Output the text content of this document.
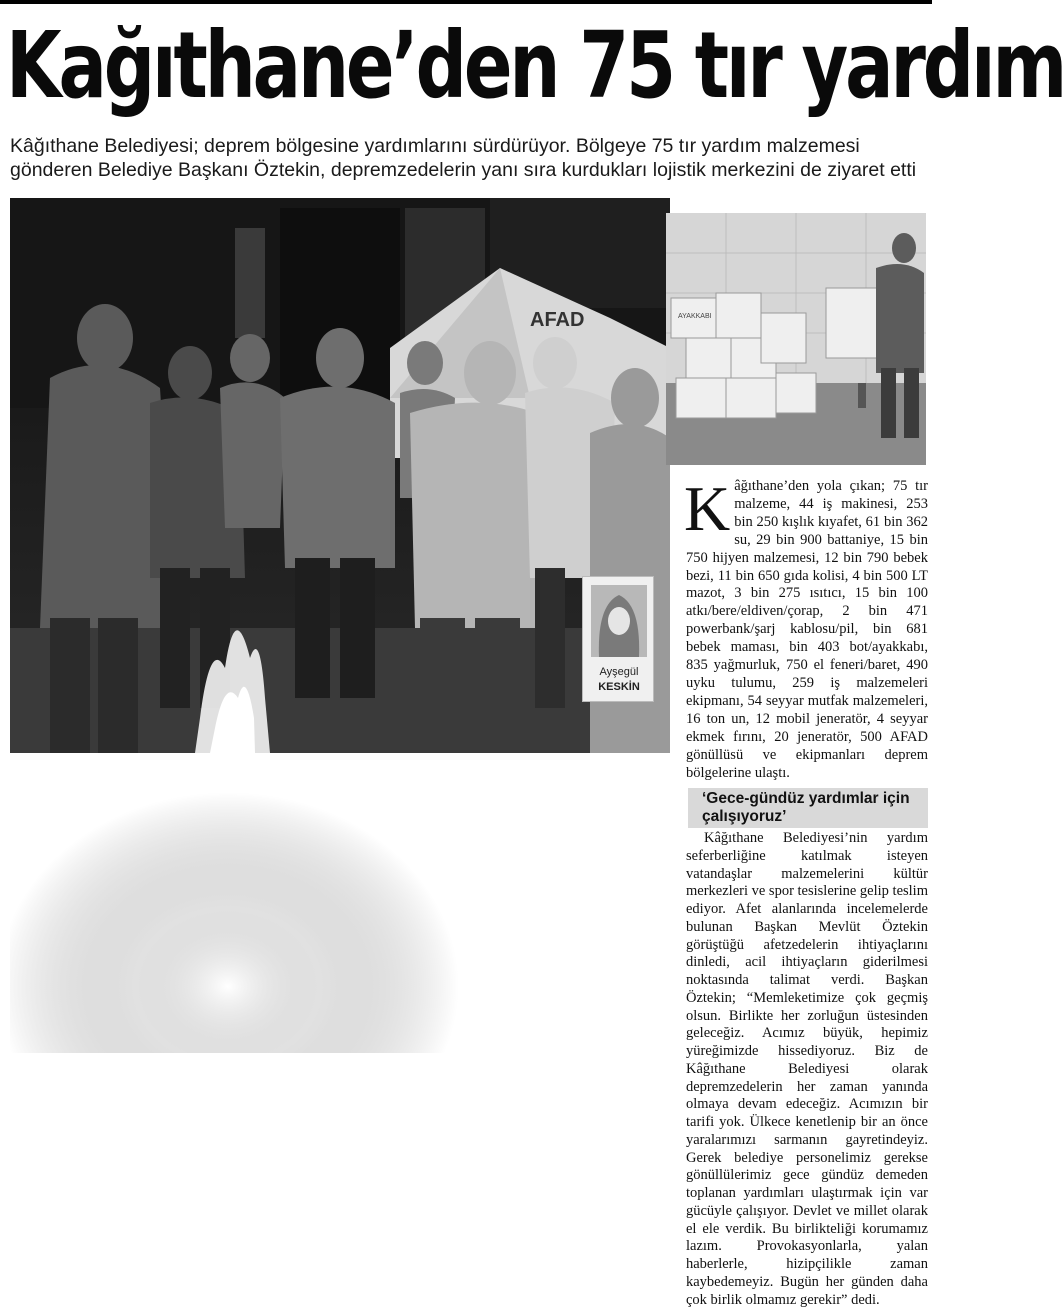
Kağıthane’den 75 tır yardım

Kâğıthane Belediyesi; deprem bölgesine yardımlarını sürdürüyor. Bölgeye 75 tır yardım malzemesi gönderen Belediye Başkanı Öztekin, depremzedelerin yanı sıra kurdukları lojistik merkezini de ziyaret etti

AFAD	AYAKKABI
Ayşegül
KESKİN

Kâğıthane’den yola çıkan; 75 tır malzeme, 44 iş makinesi, 253 bin 250 kışlık kıyafet, 61 bin 362 su, 29 bin 900 battaniye, 15 bin 750 hijyen malzemesi, 12 bin 790 bebek bezi, 11 bin 650 gıda kolisi, 4 bin 500 LT mazot, 3 bin 275 ısıtıcı, 15 bin 100 atkı/bere/eldiven/çorap, 2 bin 471 powerbank/şarj kablosu/pil, bin 681 bebek maması, bin 403 bot/ayakkabı, 835 yağmurluk, 750 el feneri/baret, 490 uyku tulumu, 259 iş malzemeleri ekipmanı, 54 seyyar mutfak malzemeleri, 16 ton un, 12 mobil jeneratör, 4 seyyar ekmek fırını, 20 jeneratör, 500 AFAD gönüllüsü ve ekipmanları deprem bölgelerine ulaştı.

‘Gece-gündüz yardımlar için çalışıyoruz’

Kâğıthane Belediyesi’nin yardım seferberliğine katılmak isteyen vatandaşlar malzemelerini kültür merkezleri ve spor tesislerine gelip teslim ediyor. Afet alanlarında incelemelerde bulunan Başkan Mevlüt Öztekin görüştüğü afetzedelerin ihtiyaçlarını dinledi, acil ihtiyaçların giderilmesi noktasında talimat verdi. Başkan Öztekin; “Memleketimize çok geçmiş olsun. Birlikte her zorluğun üstesinden geleceğiz. Acımız büyük, hepimiz yüreğimizde hissediyoruz. Biz de Kâğıthane Belediyesi olarak depremzedelerin her zaman yanında olmaya devam edeceğiz. Acımızın bir tarifi yok. Ülkece kenetlenip bir an önce yaralarımızı sarmanın gayretindeyiz. Gerek belediye personelimiz gerekse gönüllülerimiz gece gündüz demeden toplanan yardımları ulaştırmak için var gücüyle çalışıyor. Devlet ve millet olarak el ele verdik. Bu birlikteliği korumamız lazım. Provokasyonlarla, yalan haberlerle, hizipçilikle zaman kaybedemeyiz. Bugün her günden daha çok birlik olmamız gerekir” dedi.
